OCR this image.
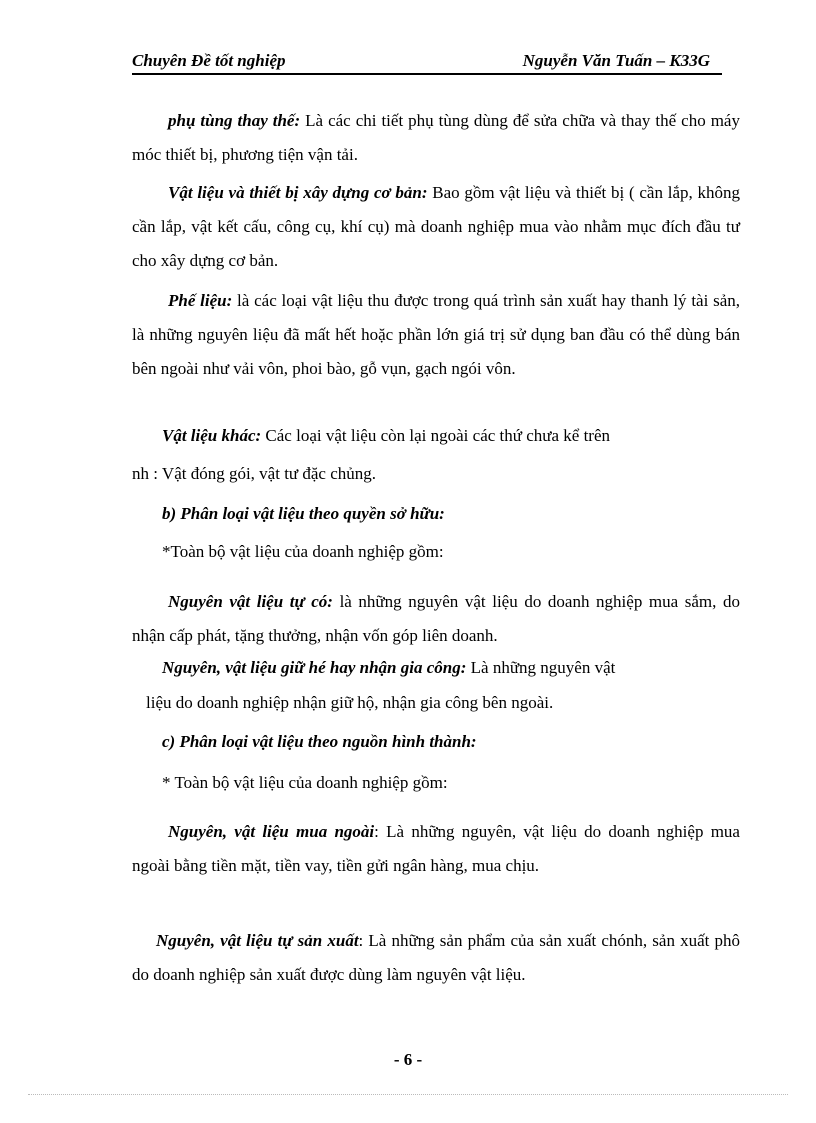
Chuyên Đề tốt nghiệp	Nguyễn Văn Tuấn – K33G

phụ tùng thay thế: Là các chi tiết phụ tùng dùng để sửa chữa và thay thế cho máy móc thiết bị, phương tiện vận tải.

Vật liệu và thiết bị xây dựng cơ bản: Bao gồm vật liệu và thiết bị ( cần lắp, không cần lắp, vật kết cấu, công cụ, khí cụ) mà doanh nghiệp mua vào nhằm mục đích đầu tư cho xây dựng cơ bản.

Phế liệu: là các loại vật liệu thu được trong quá trình sản xuất hay thanh lý tài sản, là những nguyên liệu đã mất hết hoặc phần lớn giá trị sử dụng ban đầu có thể dùng bán bên ngoài như vải vôn, phoi bào, gỗ vụn, gạch ngói vôn.

Vật liệu khác: Các loại vật liệu còn lại ngoài các thứ chưa kể trên

nh : Vật đóng gói, vật tư đặc chủng.

b) Phân loại vật liệu theo quyền sở hữu:

*Toàn bộ vật liệu của doanh nghiệp gồm:

Nguyên vật liệu tự có: là những nguyên vật liệu do doanh nghiệp mua sắm, do nhận cấp phát, tặng thưởng, nhận vốn góp liên doanh.

Nguyên, vật liệu giữ hé hay nhận gia công: Là những nguyên vật

liệu do doanh nghiệp nhận giữ hộ, nhận gia công bên ngoài.

c) Phân loại vật liệu theo nguồn hình thành:

* Toàn bộ vật liệu của doanh nghiệp gồm:

Nguyên, vật liệu mua ngoài: Là những nguyên, vật liệu do doanh nghiệp mua ngoài bằng tiền mặt, tiền vay, tiền gửi ngân hàng, mua chịu.

Nguyên, vật liệu tự sản xuất: Là những sản phẩm của sản xuất chónh, sản xuất phô do doanh nghiệp sản xuất được dùng làm nguyên vật liệu.

- 6 -
